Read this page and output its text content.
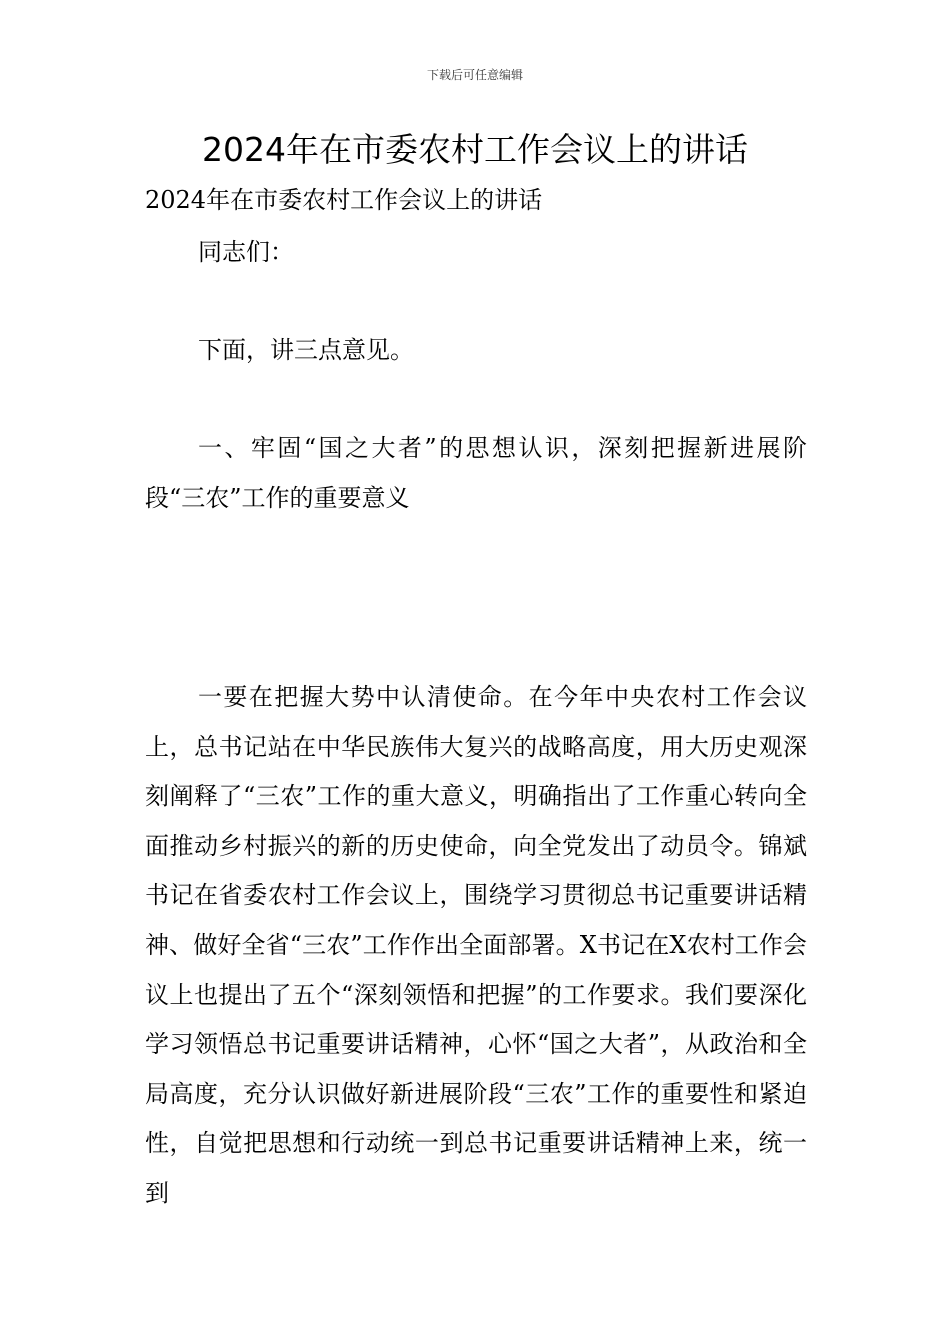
下载后可任意编辑
2024年在市委农村工作会议上的讲话
2024年在市委农村工作会议上的讲话

同志们：

下面，讲三点意见。

一、牢固“国之大者”的思想认识，深刻把握新进展阶段“三农”工作的重要意义

一要在把握大势中认清使命。在今年中央农村工作会议上，总书记站在中华民族伟大复兴的战略高度，用大历史观深刻阐释了“三农”工作的重大意义，明确指出了工作重心转向全面推动乡村振兴的新的历史使命，向全党发出了动员令。锦斌书记在省委农村工作会议上，围绕学习贯彻总书记重要讲话精神、做好全省“三农”工作作出全面部署。X书记在X农村工作会议上也提出了五个“深刻领悟和把握”的工作要求。我们要深化学习领悟总书记重要讲话精神，心怀“国之大者”，从政治和全局高度，充分认识做好新进展阶段“三农”工作的重要性和紧迫性，自觉把思想和行动统一到总书记重要讲话精神上来，统一到
